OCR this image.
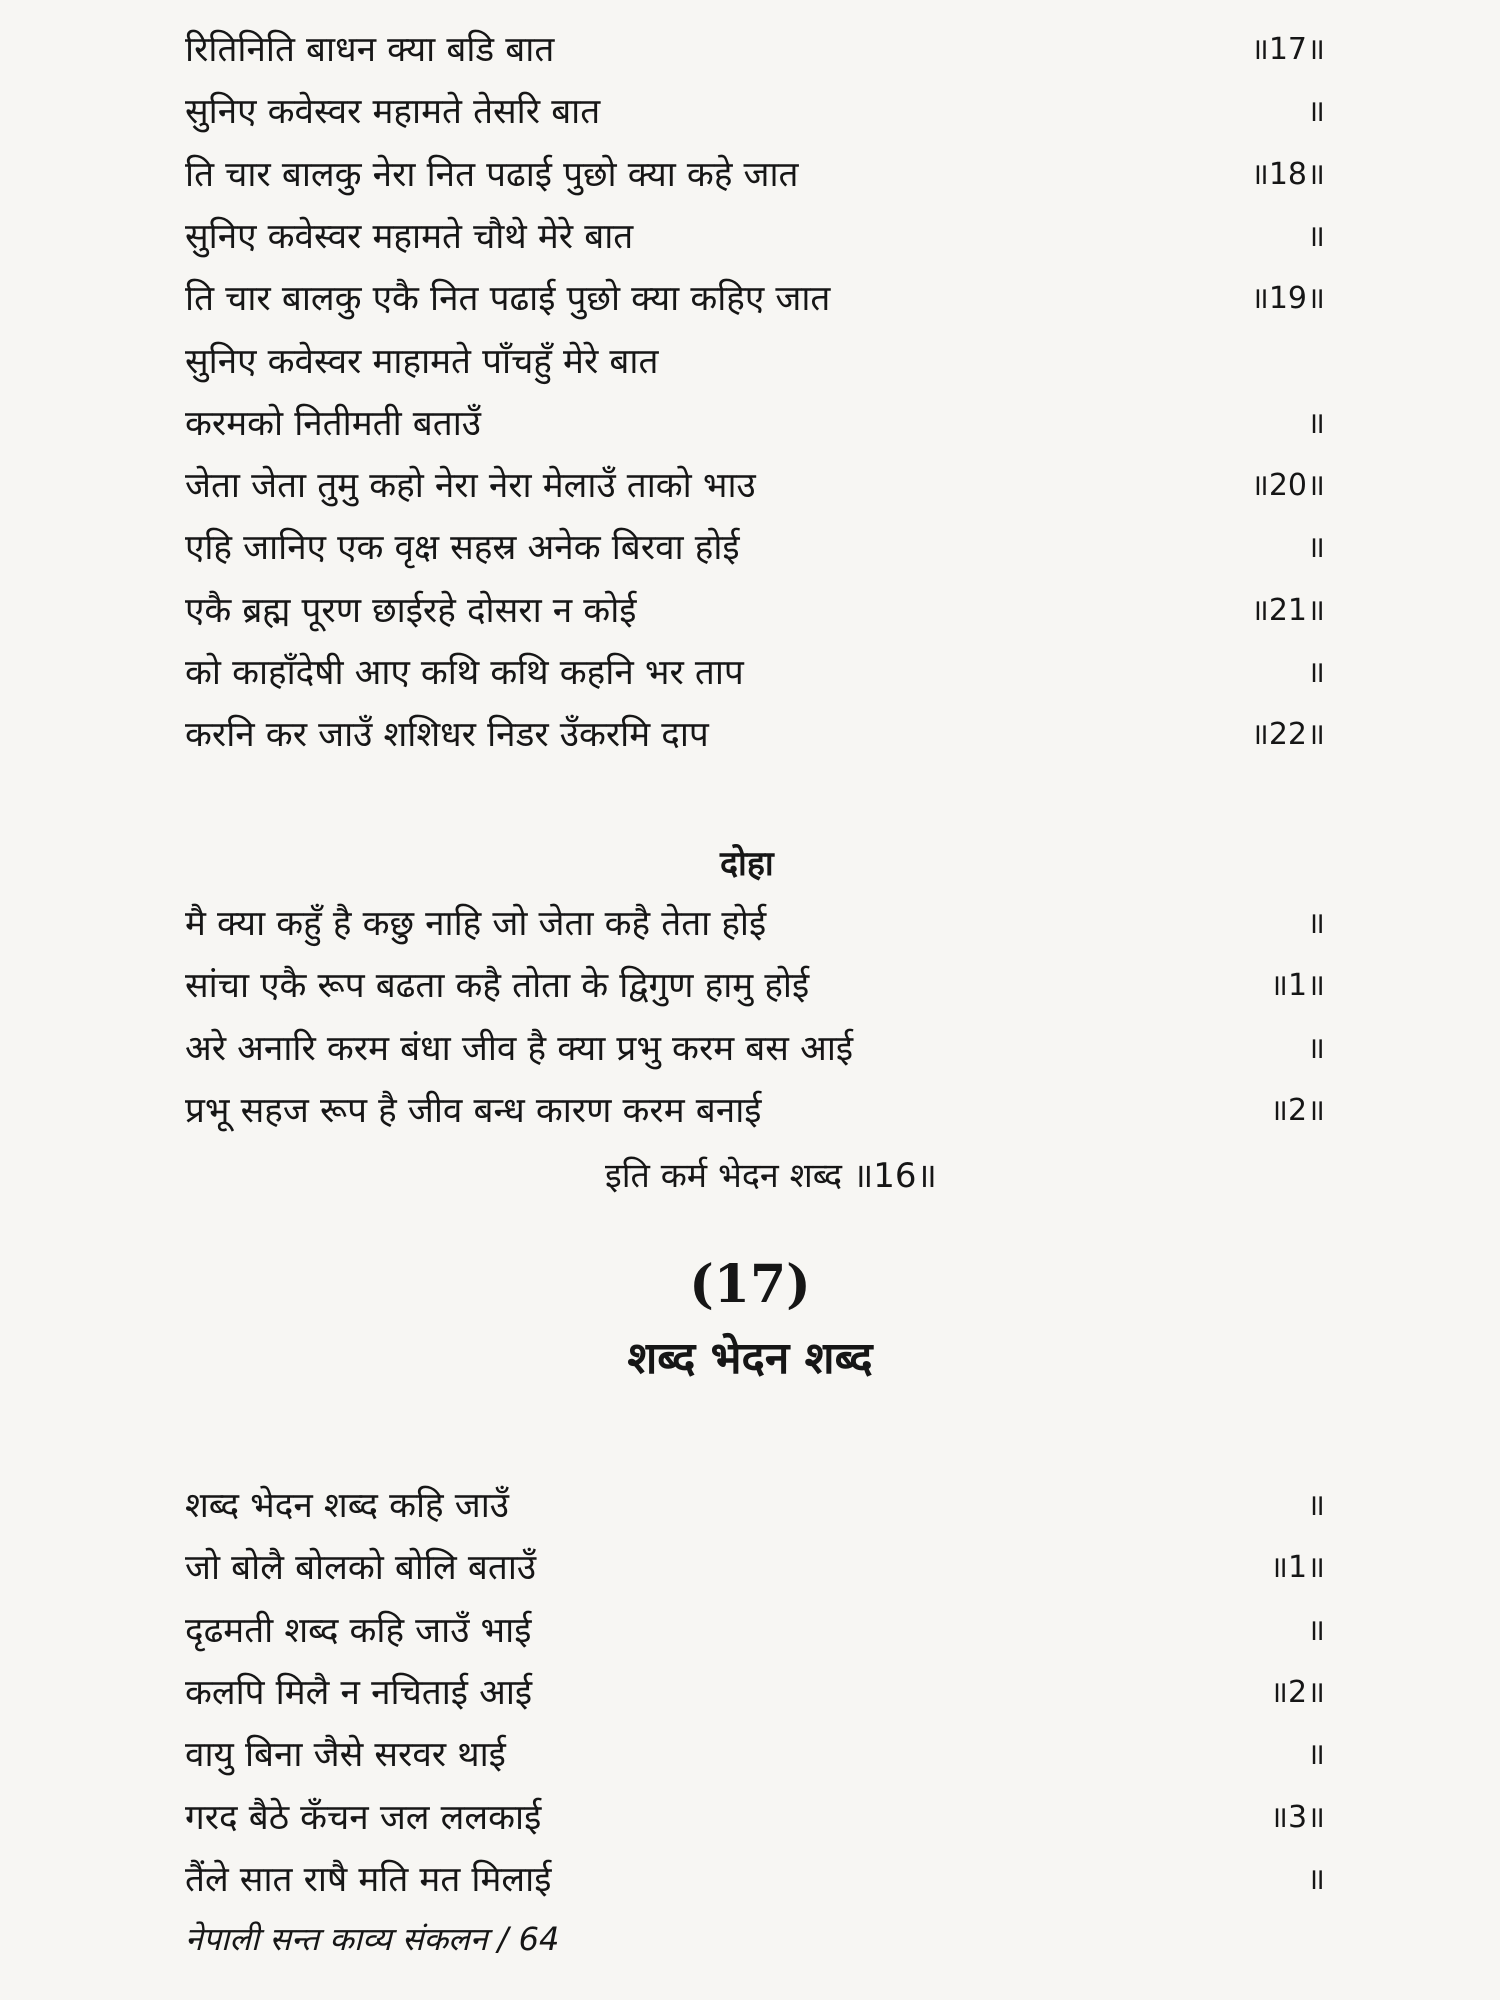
रितिनिति बाधन क्या बडि बात	॥17॥
सुनिए कवेस्वर महामते तेसरि बात	॥
ति चार बालकु नेरा नित पढाई पुछो क्या कहे जात	॥18॥
सुनिए कवेस्वर महामते चौथे मेरे बात	॥
ति चार बालकु एकै नित पढाई पुछो क्या कहिए जात	॥19॥
सुनिए कवेस्वर माहामते पाँचहुँ मेरे बात
करमको नितीमती बताउँ	॥
जेता जेता तुमु कहो नेरा नेरा मेलाउँ ताको भाउ	॥20॥
एहि जानिए एक वृक्ष सहस्र अनेक बिरवा होई	॥
एकै ब्रह्म पूरण छाईरहे दोसरा न कोई	॥21॥
को काहाँदेषी आए कथि कथि कहनि भर ताप	॥
करनि कर जाउँ शशिधर निडर उँकरमि दाप	॥22॥
दोहा
मै क्या कहुँ है कछु नाहि जो जेता कहै तेता होई	॥
सांचा एकै रूप बढता कहै तोता के द्विगुण हामु होई	॥1॥
अरे अनारि करम बंधा जीव है क्या प्रभु करम बस आई	॥
प्रभू सहज रूप है जीव बन्ध कारण करम बनाई	॥2॥
इति कर्म भेदन शब्द ॥16॥
(17)
शब्द भेदन शब्द
शब्द भेदन शब्द कहि जाउँ	॥
जो बोलै बोलको बोलि बताउँ	॥1॥
दृढमती शब्द कहि जाउँ भाई	॥
कलपि मिलै न नचिताई आई	॥2॥
वायु बिना जैसे सरवर थाई	॥
गरद बैठे कँचन जल ललकाई	॥3॥
तैंले सात राषै मति मत मिलाई	॥
नेपाली सन्त काव्य संकलन / 64
